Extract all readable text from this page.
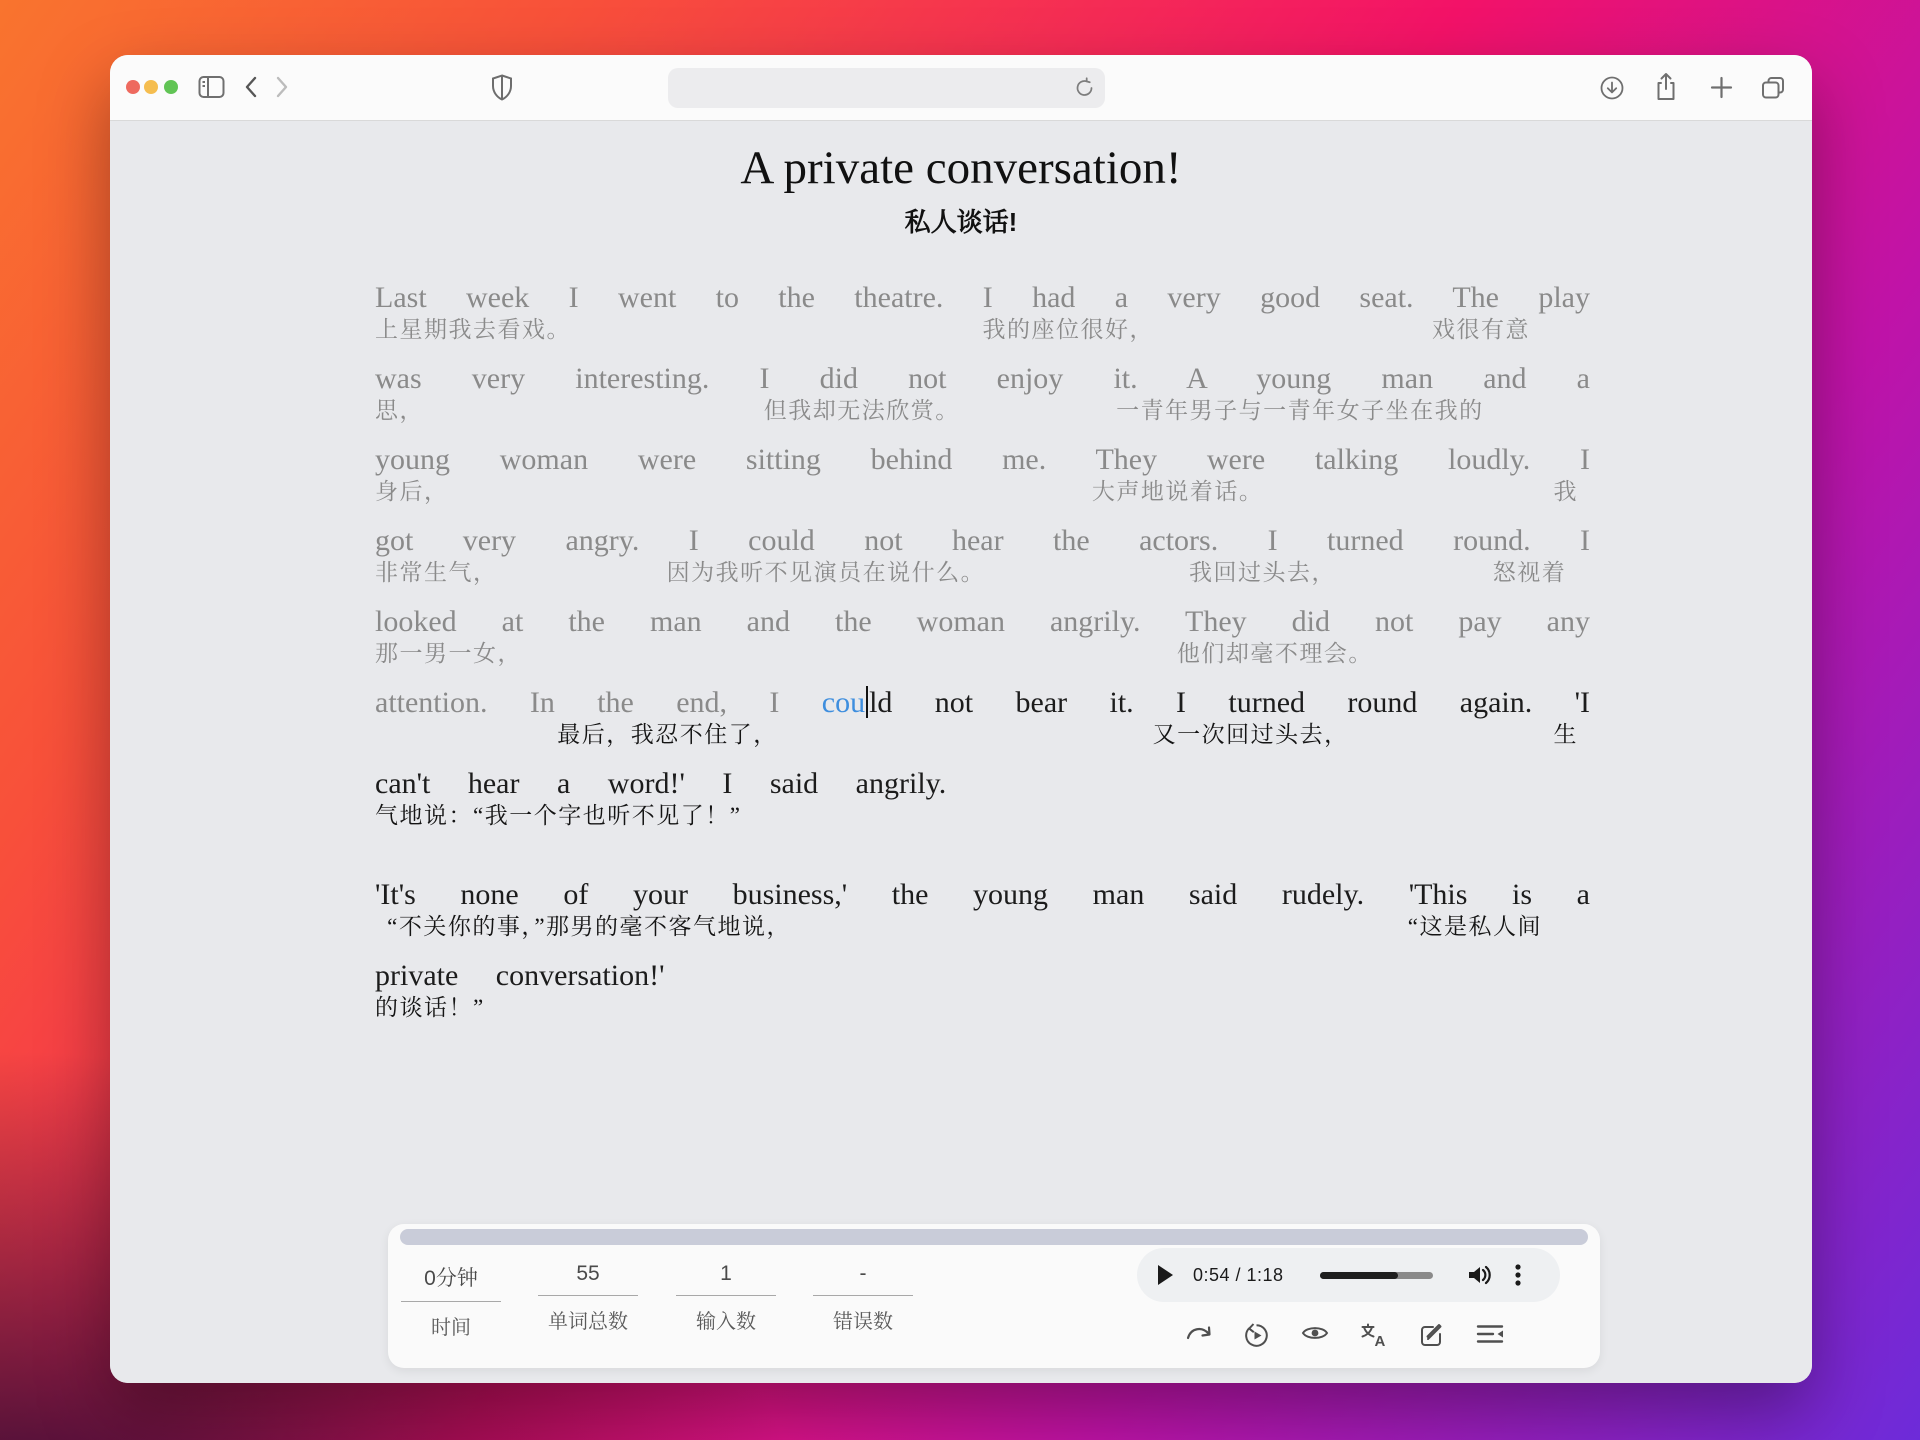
A private conversation!
私人谈话!
Last week I went to the theatre. I had a very good seat. The play
上星期我去看戏。	我的座位很好，	戏很有意
was very interesting. I did not enjoy it. A young man and a
思，	但我却无法欣赏。	一青年男子与一青年女子坐在我的
young woman were sitting behind me. They were talking loudly. I
身后，	大声地说着话。	我
got very angry. I could not hear the actors. I turned round. I
非常生气，	因为我听不见演员在说什么。	我回过头去，	怒视着
looked at the man and the woman angrily. They did not pay any
那一男一女，	他们却毫不理会。
attention. In the end, I cou ld not bear it. I turned round again. 'I
最后，我忍不住了，	又一次回过头去，	生
can't hear a word!' I said angrily.
气地说：“我一个字也听不见了！”
'It's none of your business,' the young man said rudely. 'This is a
“不关你的事，”那男的毫不客气地说，	“这是私人间
private conversation!'
的谈话！”
0分钟
时间
55
单词总数
1
输入数
-
错误数
0:54 / 1:18
A
